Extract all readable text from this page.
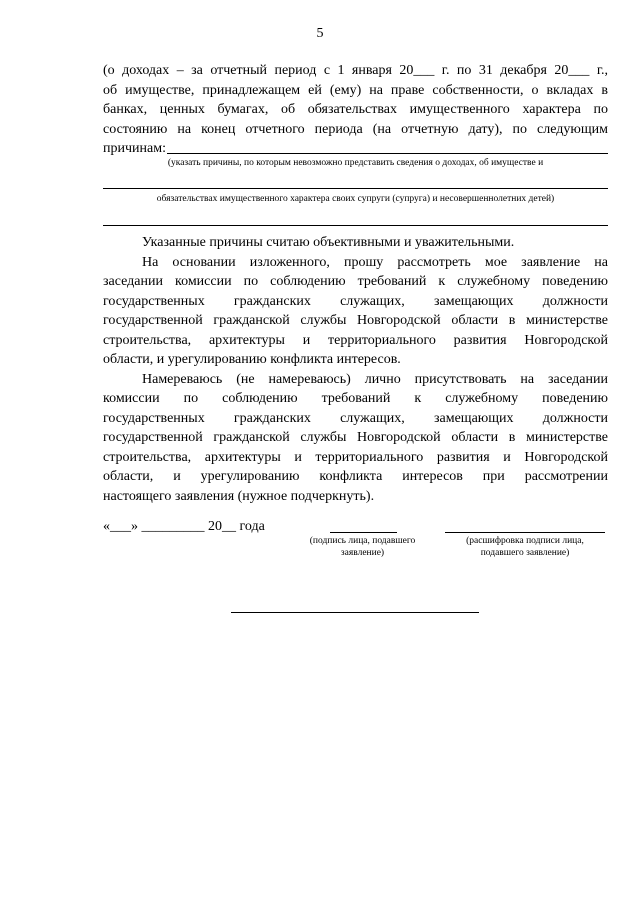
5
(о доходах – за отчетный период с 1 января 20___ г. по 31 декабря 20___ г.,
об имуществе, принадлежащем ей (ему) на праве собственности, о вкладах в
банках, ценных бумагах, об обязательствах имущественного характера по
состоянию на конец отчетного периода (на отчетную дату), по следующим
причинам:
(указать причины, по которым невозможно представить сведения о доходах, об имуществе и
обязательствах имущественного характера своих супруги (супруга) и несовершеннолетних детей)
Указанные причины считаю объективными и уважительными.
На основании изложенного, прошу рассмотреть мое заявление на
заседании комиссии по соблюдению требований к служебному поведению
государственных гражданских служащих, замещающих должности
государственной гражданской службы Новгородской области в министерстве
строительства, архитектуры и территориального развития Новгородской
области, и урегулированию конфликта интересов.
Намереваюсь (не намереваюсь) лично присутствовать на заседании
комиссии по соблюдению требований к служебному поведению
государственных гражданских служащих, замещающих должности
государственной гражданской службы Новгородской области в министерстве
строительства, архитектуры и территориального развития и Новгородской
области, и урегулированию конфликта интересов при рассмотрении
настоящего заявления (нужное подчеркнуть).
«___» _________ 20__ года
(подпись лица, подавшего
заявление)
(расшифровка подписи лица,
подавшего заявление)
